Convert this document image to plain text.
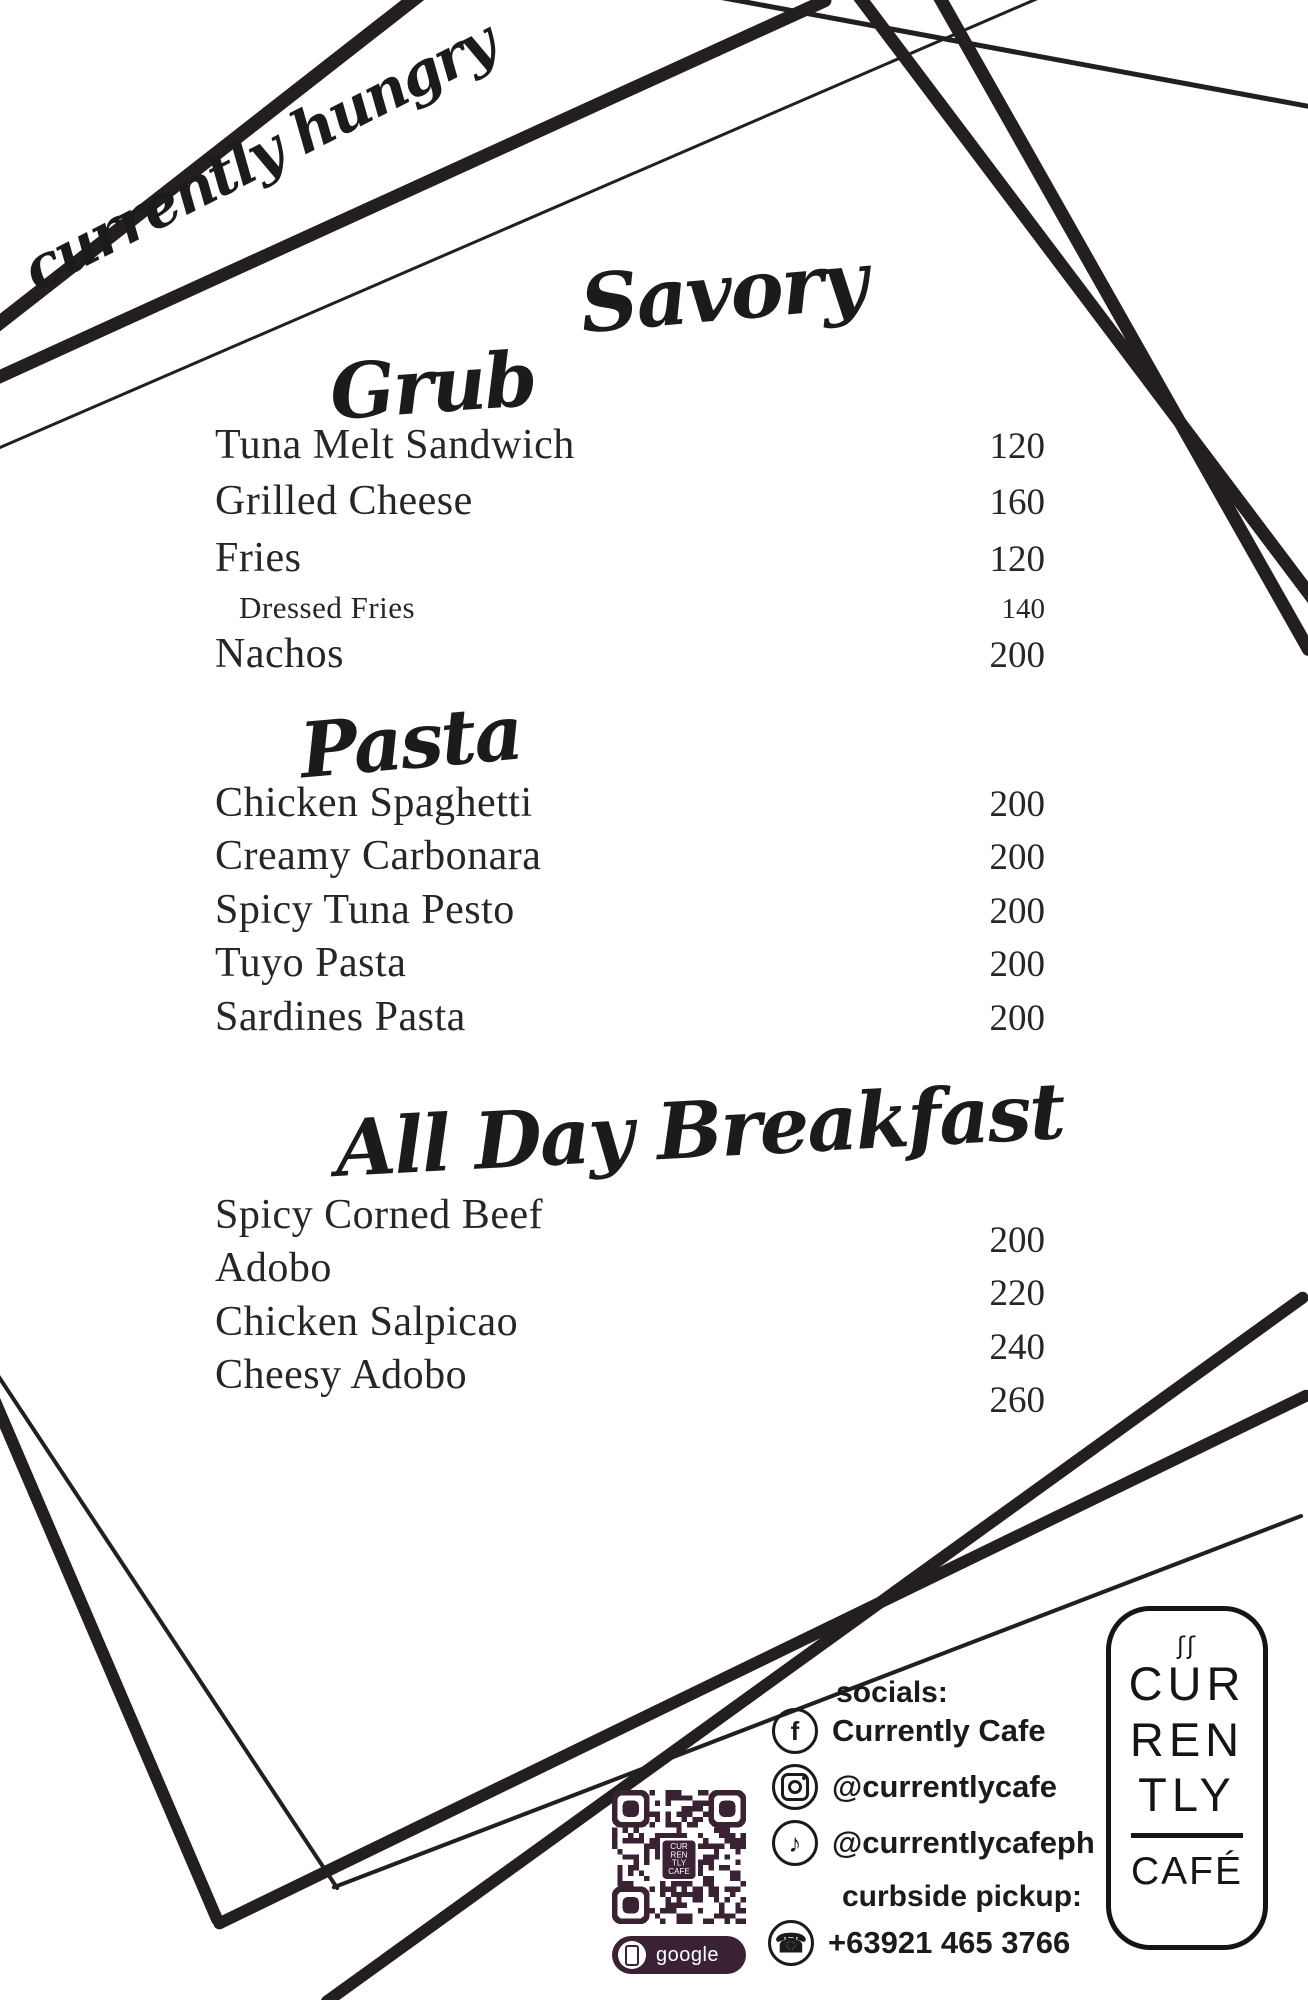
currently hungry Savory
Grub
Pasta
All Day Breakfast
Tuna Melt Sandwich	120
Grilled Cheese	160
Fries	120
Dressed Fries	140
Nachos	200
Chicken Spaghetti	200
Creamy Carbonara	200
Spicy Tuna Pesto	200
Tuyo Pasta	200
Sardines Pasta	200
Spicy Corned Beef
200
Adobo
220
Chicken Salpicao
240
Cheesy Adobo
260
socials:
f	Currently Cafe
@currentlycafe
♪ @currentlycafeph
curbside pickup:
☎ +63921 465 3766
CUR
REN
TLY
CAFE
google
ʃʃ
CUR
REN
TLY
CAFÉ
